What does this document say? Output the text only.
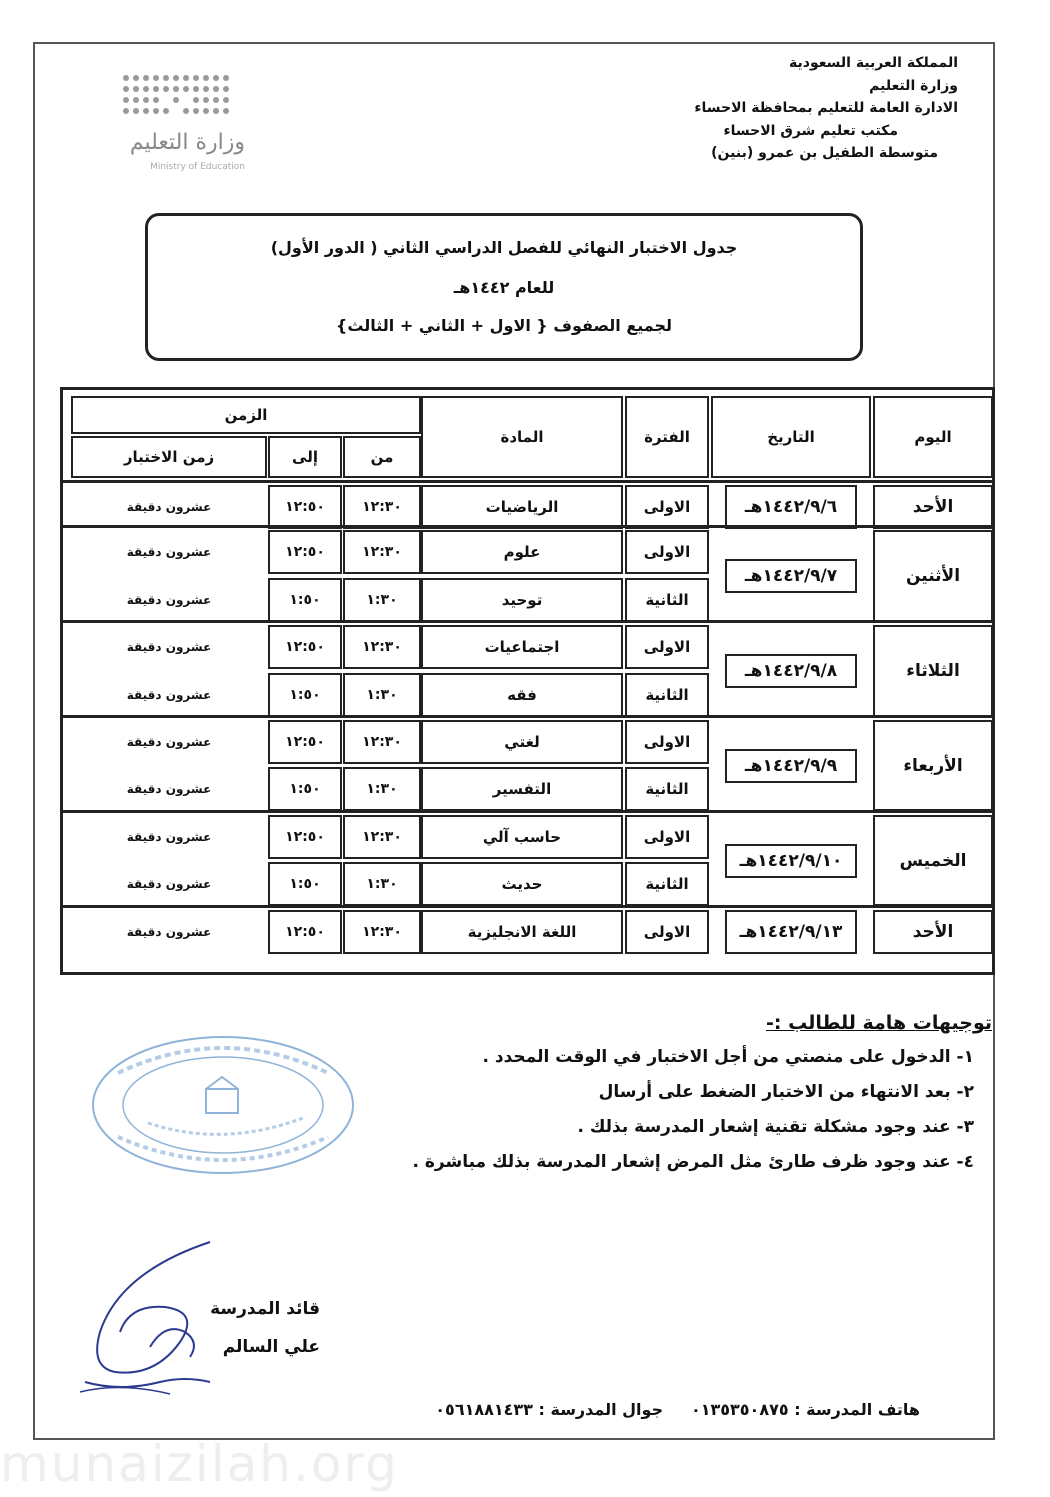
المملكة العربية السعودية
وزارة التعليم
الادارة العامة للتعليم بمحافظة الاحساء
مكتب تعليم شرق الاحساء
متوسطة الطفيل بن عمرو (بنين)
وزارة التعليم
Ministry of Education
جدول الاختبار النهائي للفصل الدراسي الثاني ( الدور الأول)
للعام ١٤٤٢هـ
لجميع الصفوف { الاول + الثاني + الثالث}
اليوم
التاريخ
الفترة
المادة
الزمن
من
إلى
زمن الاختبار
الأحد
١٤٤٢/٩/٦هـ
الاولى
الرياضيات
١٢:٣٠
١٢:٥٠
عشرون دقيقة
الأثنين
١٤٤٢/٩/٧هـ
الاولى
علوم
١٢:٣٠
١٢:٥٠
عشرون دقيقة
الثانية
توحيد
١:٣٠
١:٥٠
عشرون دقيقة
الثلاثاء
١٤٤٢/٩/٨هـ
الاولى
اجتماعيات
١٢:٣٠
١٢:٥٠
عشرون دقيقة
الثانية
فقه
١:٣٠
١:٥٠
عشرون دقيقة
الأربعاء
١٤٤٢/٩/٩هـ
الاولى
لغتي
١٢:٣٠
١٢:٥٠
عشرون دقيقة
الثانية
التفسير
١:٣٠
١:٥٠
عشرون دقيقة
الخميس
١٤٤٢/٩/١٠هـ
الاولى
حاسب آلي
١٢:٣٠
١٢:٥٠
عشرون دقيقة
الثانية
حديث
١:٣٠
١:٥٠
عشرون دقيقة
الأحد
١٤٤٢/٩/١٣هـ
الاولى
اللغة الانجليزية
١٢:٣٠
١٢:٥٠
عشرون دقيقة
توجيهات هامة للطالب :-
١- الدخول على منصتي من أجل الاختبار في الوقت المحدد .
٢- بعد الانتهاء من الاختبار الضغط على أرسال
٣- عند وجود مشكلة تقنية إشعار المدرسة بذلك .
٤- عند وجود ظرف طارئ مثل المرض إشعار المدرسة بذلك مباشرة .
قائد المدرسة
علي السالم
هاتف المدرسة : ٠١٣٥٣٥٠٨٧٥     جوال المدرسة : ٠٥٦١٨٨١٤٣٣
munaizilah.org
